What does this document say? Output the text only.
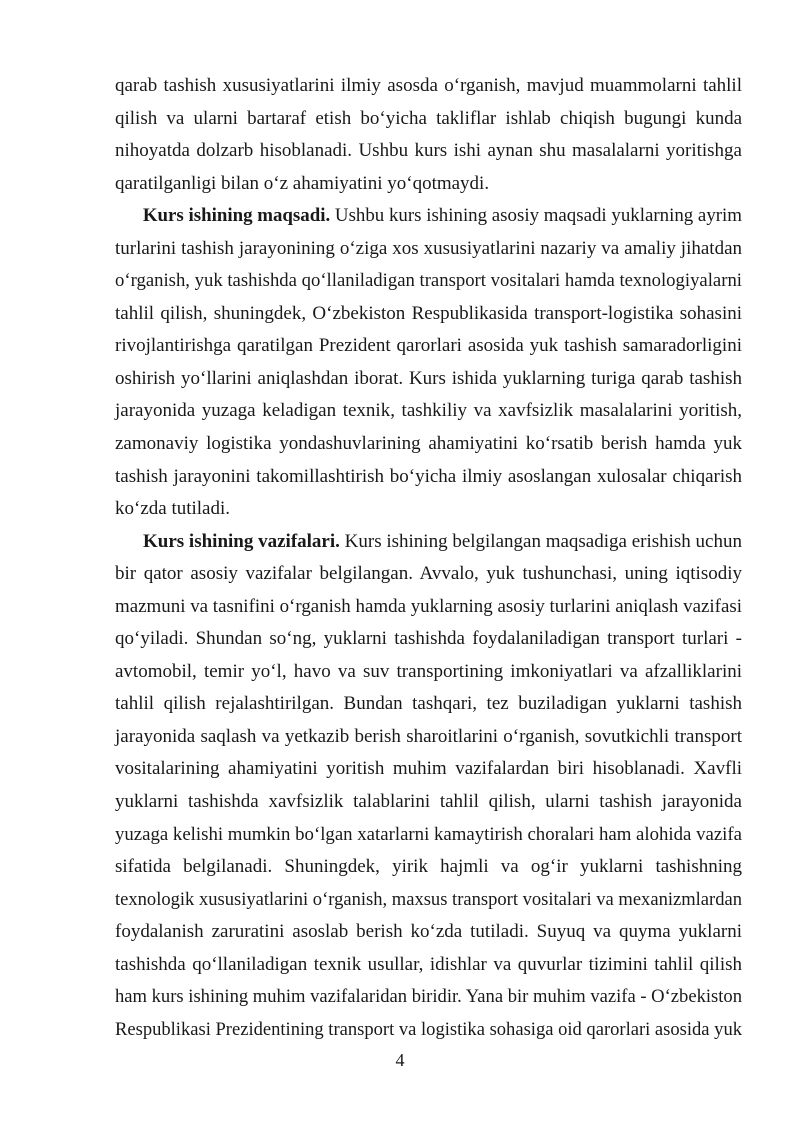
qarab tashish xususiyatlarini ilmiy asosda o‘rganish, mavjud muammolarni tahlil
qilish va ularni bartaraf etish bo‘yicha takliflar ishlab chiqish bugungi kunda
nihoyatda dolzarb hisoblanadi. Ushbu kurs ishi aynan shu masalalarni yoritishga
qaratilganligi bilan o‘z ahamiyatini yo‘qotmaydi.
Kurs ishining maqsadi. Ushbu kurs ishining asosiy maqsadi yuklarning ayrim
turlarini tashish jarayonining o‘ziga xos xususiyatlarini nazariy va amaliy jihatdan
o‘rganish, yuk tashishda qo‘llaniladigan transport vositalari hamda texnologiyalarni
tahlil qilish, shuningdek, O‘zbekiston Respublikasida transport-logistika sohasini
rivojlantirishga qaratilgan Prezident qarorlari asosida yuk tashish samaradorligini
oshirish yo‘llarini aniqlashdan iborat. Kurs ishida yuklarning turiga qarab tashish
jarayonida yuzaga keladigan texnik, tashkiliy va xavfsizlik masalalarini yoritish,
zamonaviy logistika yondashuvlarining ahamiyatini ko‘rsatib berish hamda yuk
tashish jarayonini takomillashtirish bo‘yicha ilmiy asoslangan xulosalar chiqarish
ko‘zda tutiladi.
Kurs ishining vazifalari. Kurs ishining belgilangan maqsadiga erishish uchun
bir qator asosiy vazifalar belgilangan. Avvalo, yuk tushunchasi, uning iqtisodiy
mazmuni va tasnifini o‘rganish hamda yuklarning asosiy turlarini aniqlash vazifasi
qo‘yiladi. Shundan so‘ng, yuklarni tashishda foydalaniladigan transport turlari -
avtomobil, temir yo‘l, havo va suv transportining imkoniyatlari va afzalliklarini
tahlil qilish rejalashtirilgan. Bundan tashqari, tez buziladigan yuklarni tashish
jarayonida saqlash va yetkazib berish sharoitlarini o‘rganish, sovutkichli transport
vositalarining ahamiyatini yoritish muhim vazifalardan biri hisoblanadi. Xavfli
yuklarni tashishda xavfsizlik talablarini tahlil qilish, ularni tashish jarayonida
yuzaga kelishi mumkin bo‘lgan xatarlarni kamaytirish choralari ham alohida vazifa
sifatida belgilanadi. Shuningdek, yirik hajmli va og‘ir yuklarni tashishning
texnologik xususiyatlarini o‘rganish, maxsus transport vositalari va mexanizmlardan
foydalanish zaruratini asoslab berish ko‘zda tutiladi. Suyuq va quyma yuklarni
tashishda qo‘llaniladigan texnik usullar, idishlar va quvurlar tizimini tahlil qilish
ham kurs ishining muhim vazifalaridan biridir. Yana bir muhim vazifa - O‘zbekiston
Respublikasi Prezidentining transport va logistika sohasiga oid qarorlari asosida yuk
4
